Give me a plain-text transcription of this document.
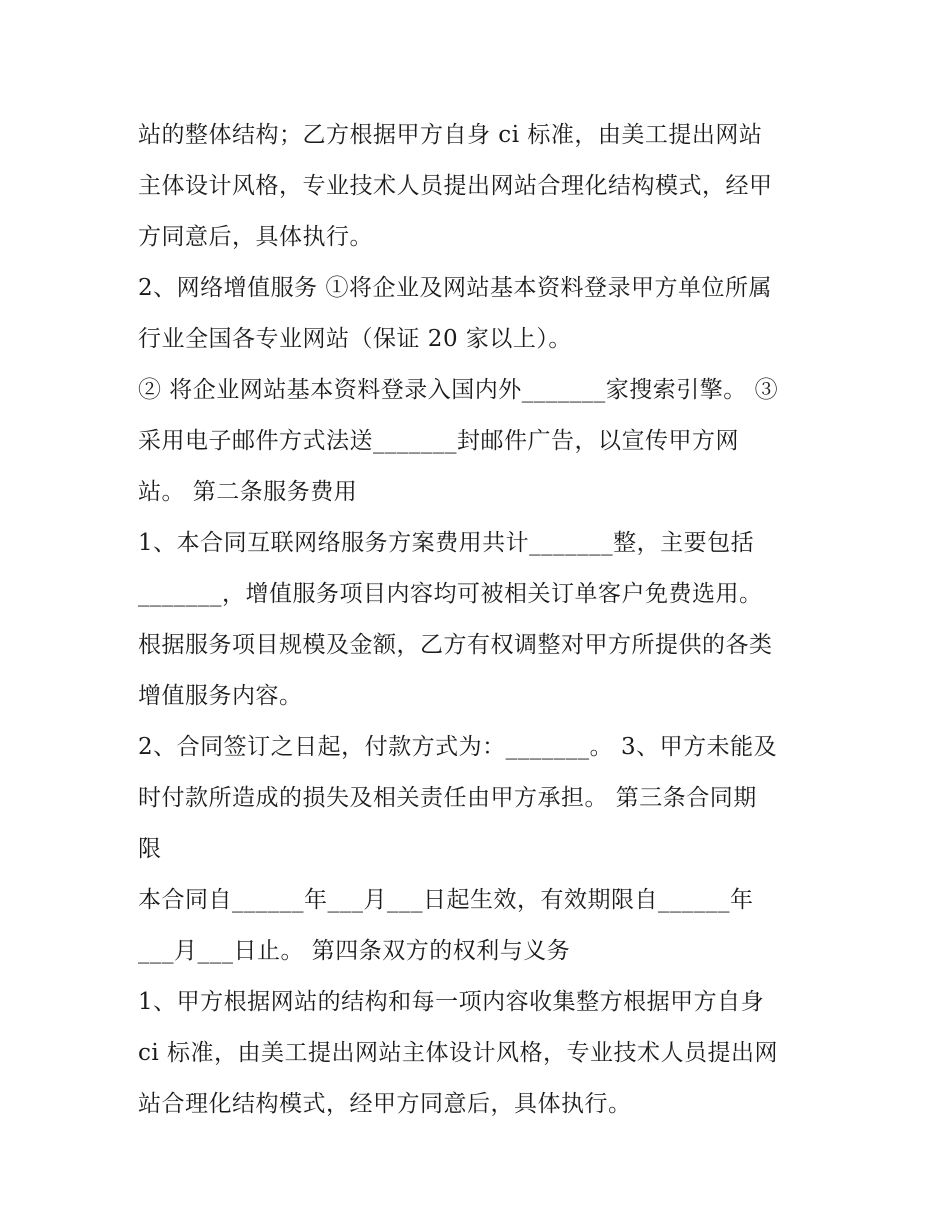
站的整体结构；乙方根据甲方自身 ci 标准，由美工提出网站
主体设计风格，专业技术人员提出网站合理化结构模式，经甲
方同意后，具体执行。
2、网络增值服务 ①将企业及网站基本资料登录甲方单位所属
行业全国各专业网站（保证 20 家以上）。
② 将企业网站基本资料登录入国内外_______家搜索引擎。 ③
采用电子邮件方式法送_______封邮件广告，以宣传甲方网
站。 第二条服务费用
1、本合同互联网络服务方案费用共计_______整，主要包括
_______，增值服务项目内容均可被相关订单客户免费选用。
根据服务项目规模及金额，乙方有权调整对甲方所提供的各类
增值服务内容。
2、合同签订之日起，付款方式为：_______。 3、甲方未能及
时付款所造成的损失及相关责任由甲方承担。 第三条合同期
限
本合同自______年___月___日起生效，有效期限自______年
___月___日止。 第四条双方的权利与义务
1、甲方根据网站的结构和每一项内容收集整方根据甲方自身
ci 标准，由美工提出网站主体设计风格，专业技术人员提出网
站合理化结构模式，经甲方同意后，具体执行。
